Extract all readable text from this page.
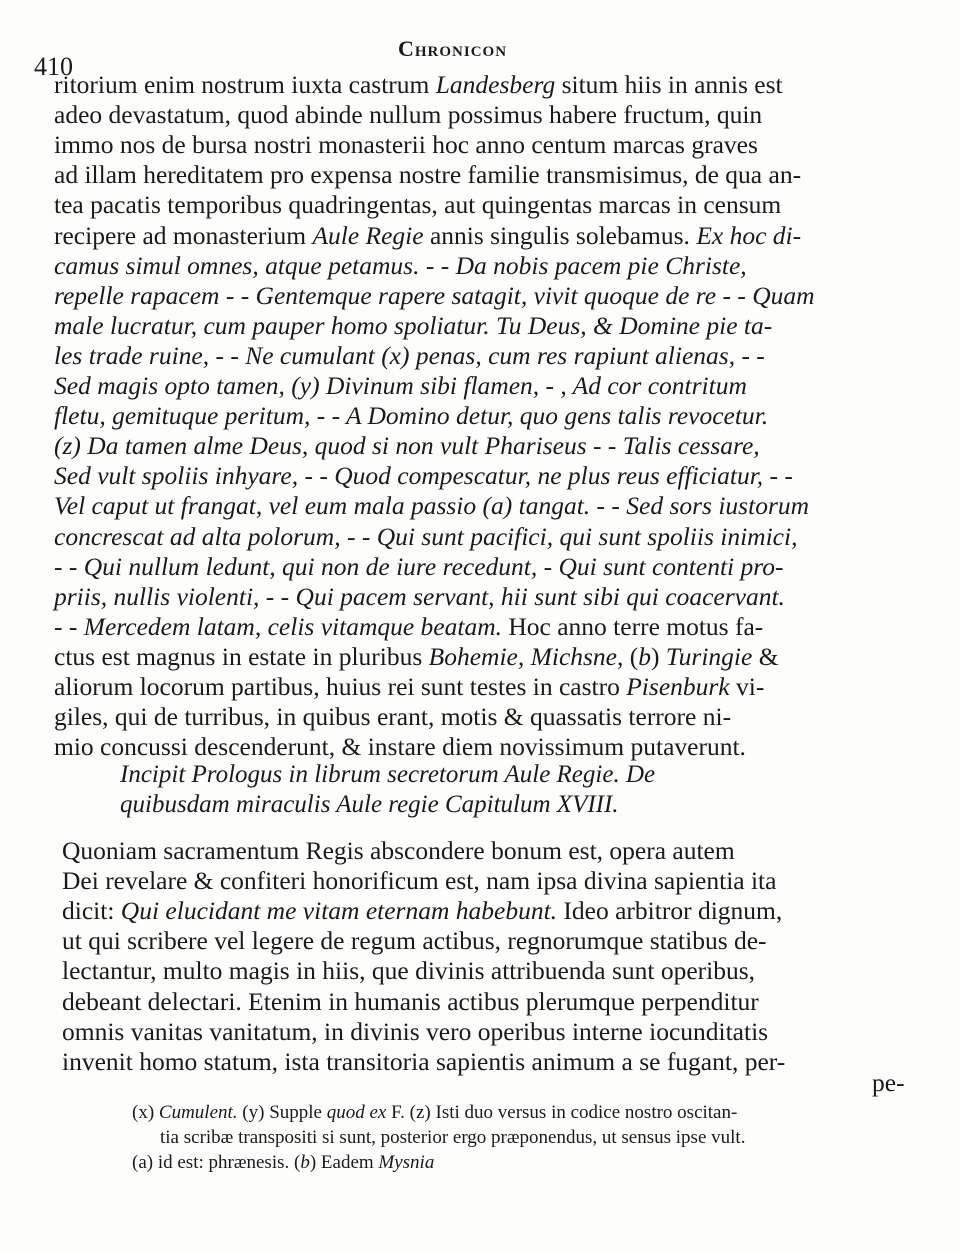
410
Chronicon
ritorium enim nostrum iuxta castrum Landesberg situm hiis in annis est
adeo devastatum, quod abinde nullum possimus habere fructum, quin
immo nos de bursa nostri monasterii hoc anno centum marcas graves
ad illam hereditatem pro expensa nostre familie transmisimus, de qua an-
tea pacatis temporibus quadringentas, aut quingentas marcas in censum
recipere ad monasterium Aule Regie annis singulis solebamus. Ex hoc di-
camus simul omnes, atque petamus. - - Da nobis pacem pie Christe,
repelle rapacem - - Gentemque rapere satagit, vivit quoque de re - - Quam
male lucratur, cum pauper homo spoliatur. Tu Deus, & Domine pie ta-
les trade ruine, - - Ne cumulant (x) penas, cum res rapiunt alienas, - -
Sed magis opto tamen, (y) Divinum sibi flamen, - , Ad cor contritum
fletu, gemituque peritum, - - A Domino detur, quo gens talis revocetur.
(z) Da tamen alme Deus, quod si non vult Phariseus - - Talis cessare,
Sed vult spoliis inhyare, - - Quod compescatur, ne plus reus efficiatur, - -
Vel caput ut frangat, vel eum mala passio (a) tangat. - - Sed sors iustorum
concrescat ad alta polorum, - - Qui sunt pacifici, qui sunt spoliis inimici,
- - Qui nullum ledunt, qui non de iure recedunt, - Qui sunt contenti pro-
priis, nullis violenti, - - Qui pacem servant, hii sunt sibi qui coacervant.
- - Mercedem latam, celis vitamque beatam. Hoc anno terre motus fa-
ctus est magnus in estate in pluribus Bohemie, Michsne, (b) Turingie &
aliorum locorum partibus, huius rei sunt testes in castro Pisenburk vi-
giles, qui de turribus, in quibus erant, motis & quassatis terrore ni-
mio concussi descenderunt, & instare diem novissimum putaverunt.
Incipit Prologus in librum secretorum Aule Regie. De
quibusdam miraculis Aule regie Capitulum XVIII.
Quoniam sacramentum Regis abscondere bonum est, opera autem
Dei revelare & confiteri honorificum est, nam ipsa divina sapientia ita
dicit: Qui elucidant me vitam eternam habebunt. Ideo arbitror dignum,
ut qui scribere vel legere de regum actibus, regnorumque statibus de-
lectantur, multo magis in hiis, que divinis attribuenda sunt operibus,
debeant delectari. Etenim in humanis actibus plerumque perpenditur
omnis vanitas vanitatum, in divinis vero operibus interne iocunditatis
invenit homo statum, ista transitoria sapientis animum a se fugant, per-
pe-
(x) Cumulent. (y) Supple quod ex F. (z) Isti duo versus in codice nostro oscitan-
tia scribæ transpositi si sunt, posterior ergo præponendus, ut sensus ipse vult.
(a) id est: phrænesis. (b) Eadem Mysnia
